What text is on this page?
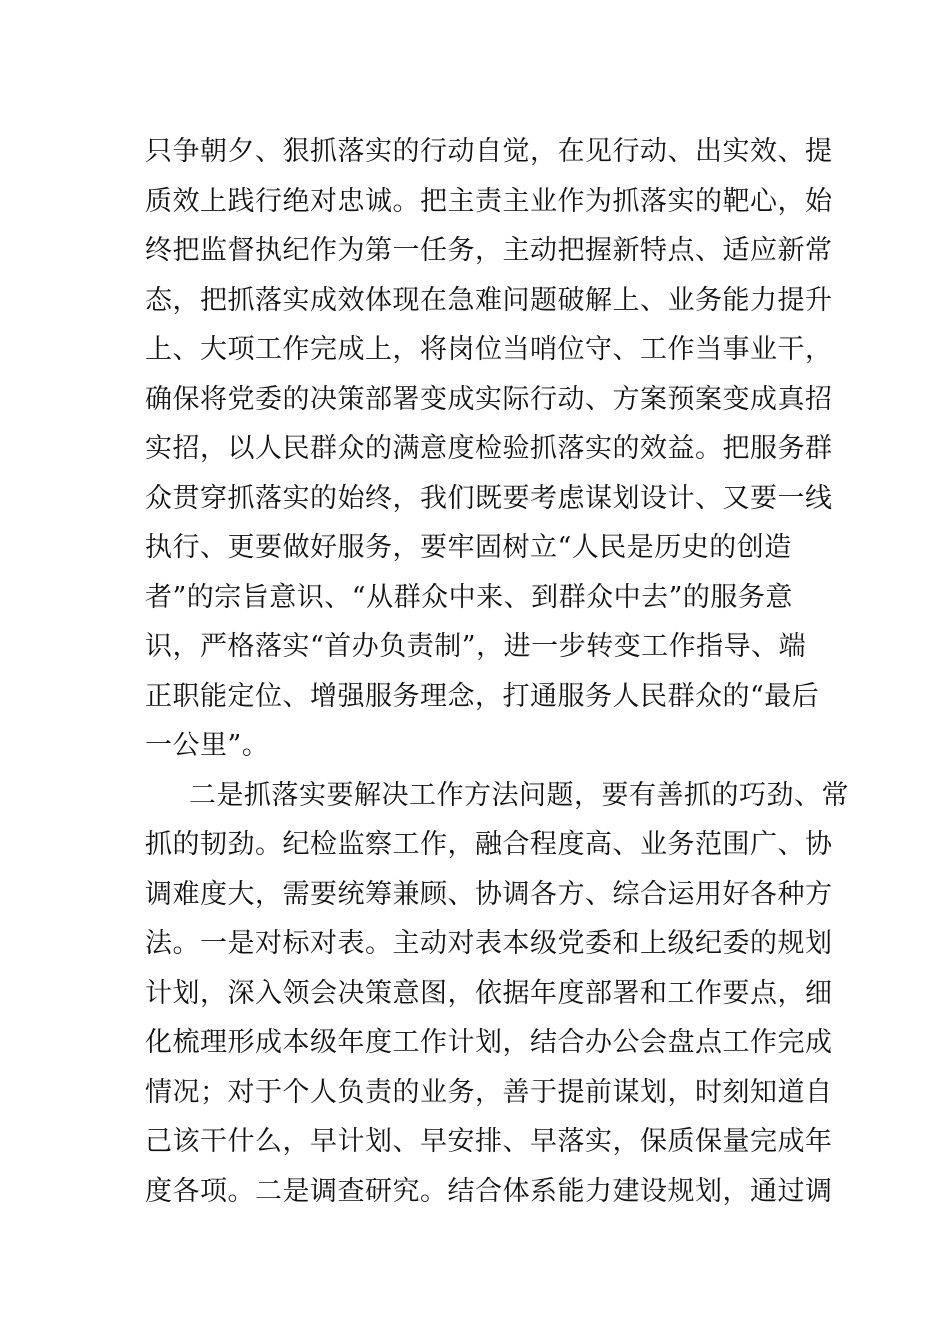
只争朝夕、狠抓落实的行动自觉，在见行动、出实效、提
质效上践行绝对忠诚。把主责主业作为抓落实的靶心，始
终把监督执纪作为第一任务，主动把握新特点、适应新常
态，把抓落实成效体现在急难问题破解上、业务能力提升
上、大项工作完成上，将岗位当哨位守、工作当事业干，
确保将党委的决策部署变成实际行动、方案预案变成真招
实招，以人民群众的满意度检验抓落实的效益。把服务群
众贯穿抓落实的始终，我们既要考虑谋划设计、又要一线
执行、更要做好服务，要牢固树立“人民是历史的创造
者”的宗旨意识、“从群众中来、到群众中去”的服务意
识，严格落实“首办负责制”，进一步转变工作指导、端
正职能定位、增强服务理念，打通服务人民群众的“最后
一公里”。
二是抓落实要解决工作方法问题，要有善抓的巧劲、常
抓的韧劲。纪检监察工作，融合程度高、业务范围广、协
调难度大，需要统筹兼顾、协调各方、综合运用好各种方
法。一是对标对表。主动对表本级党委和上级纪委的规划
计划，深入领会决策意图，依据年度部署和工作要点，细
化梳理形成本级年度工作计划，结合办公会盘点工作完成
情况；对于个人负责的业务，善于提前谋划，时刻知道自
己该干什么，早计划、早安排、早落实，保质保量完成年
度各项。二是调查研究。结合体系能力建设规划，通过调
